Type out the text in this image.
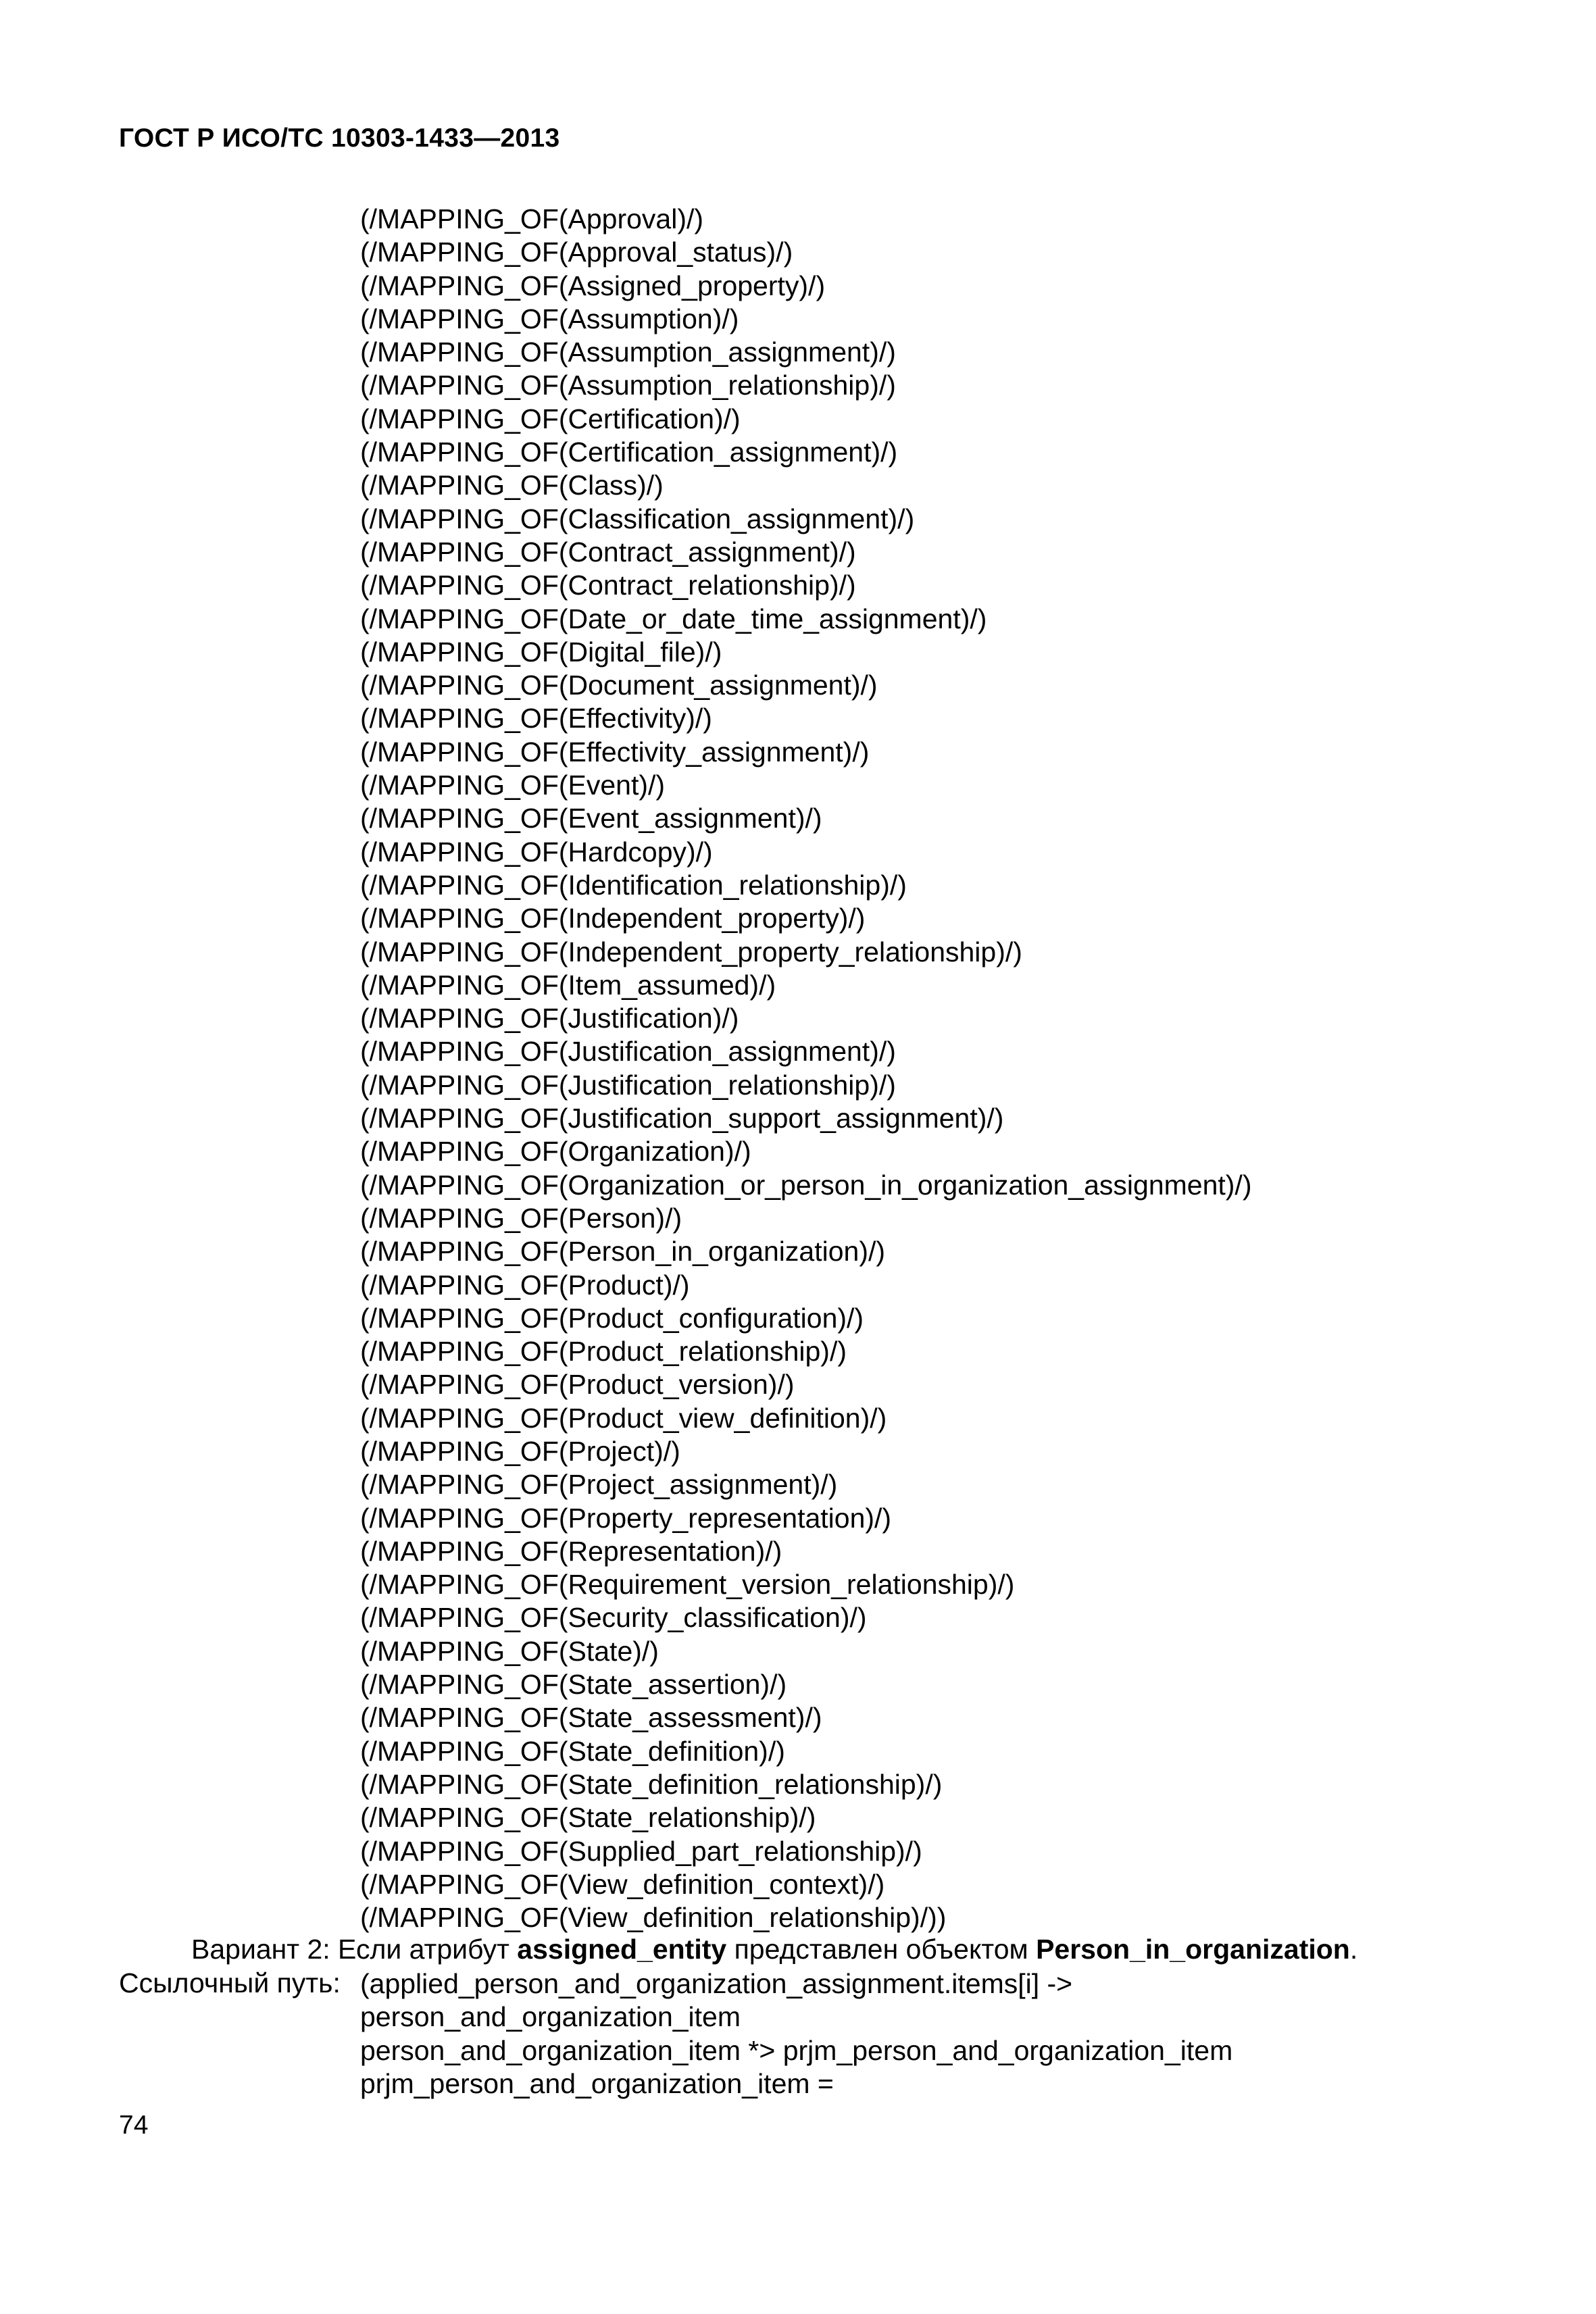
ГОСТ Р ИСО/ТС 10303-1433—2013
(/MAPPING_OF(Approval)/)
(/MAPPING_OF(Approval_status)/)
(/MAPPING_OF(Assigned_property)/)
(/MAPPING_OF(Assumption)/)
(/MAPPING_OF(Assumption_assignment)/)
(/MAPPING_OF(Assumption_relationship)/)
(/MAPPING_OF(Certification)/)
(/MAPPING_OF(Certification_assignment)/)
(/MAPPING_OF(Class)/)
(/MAPPING_OF(Classification_assignment)/)
(/MAPPING_OF(Contract_assignment)/)
(/MAPPING_OF(Contract_relationship)/)
(/MAPPING_OF(Date_or_date_time_assignment)/)
(/MAPPING_OF(Digital_file)/)
(/MAPPING_OF(Document_assignment)/)
(/MAPPING_OF(Effectivity)/)
(/MAPPING_OF(Effectivity_assignment)/)
(/MAPPING_OF(Event)/)
(/MAPPING_OF(Event_assignment)/)
(/MAPPING_OF(Hardcopy)/)
(/MAPPING_OF(Identification_relationship)/)
(/MAPPING_OF(Independent_property)/)
(/MAPPING_OF(Independent_property_relationship)/)
(/MAPPING_OF(Item_assumed)/)
(/MAPPING_OF(Justification)/)
(/MAPPING_OF(Justification_assignment)/)
(/MAPPING_OF(Justification_relationship)/)
(/MAPPING_OF(Justification_support_assignment)/)
(/MAPPING_OF(Organization)/)
(/MAPPING_OF(Organization_or_person_in_organization_assignment)/)
(/MAPPING_OF(Person)/)
(/MAPPING_OF(Person_in_organization)/)
(/MAPPING_OF(Product)/)
(/MAPPING_OF(Product_configuration)/)
(/MAPPING_OF(Product_relationship)/)
(/MAPPING_OF(Product_version)/)
(/MAPPING_OF(Product_view_definition)/)
(/MAPPING_OF(Project)/)
(/MAPPING_OF(Project_assignment)/)
(/MAPPING_OF(Property_representation)/)
(/MAPPING_OF(Representation)/)
(/MAPPING_OF(Requirement_version_relationship)/)
(/MAPPING_OF(Security_classification)/)
(/MAPPING_OF(State)/)
(/MAPPING_OF(State_assertion)/)
(/MAPPING_OF(State_assessment)/)
(/MAPPING_OF(State_definition)/)
(/MAPPING_OF(State_definition_relationship)/)
(/MAPPING_OF(State_relationship)/)
(/MAPPING_OF(Supplied_part_relationship)/)
(/MAPPING_OF(View_definition_context)/)
(/MAPPING_OF(View_definition_relationship)/))
Вариант 2: Если атрибут assigned_entity представлен объектом Person_in_organization.
Ссылочный путь: (applied_person_and_organization_assignment.items[i] ->
person_and_organization_item
person_and_organization_item *> prjm_person_and_organization_item
prjm_person_and_organization_item =
74
